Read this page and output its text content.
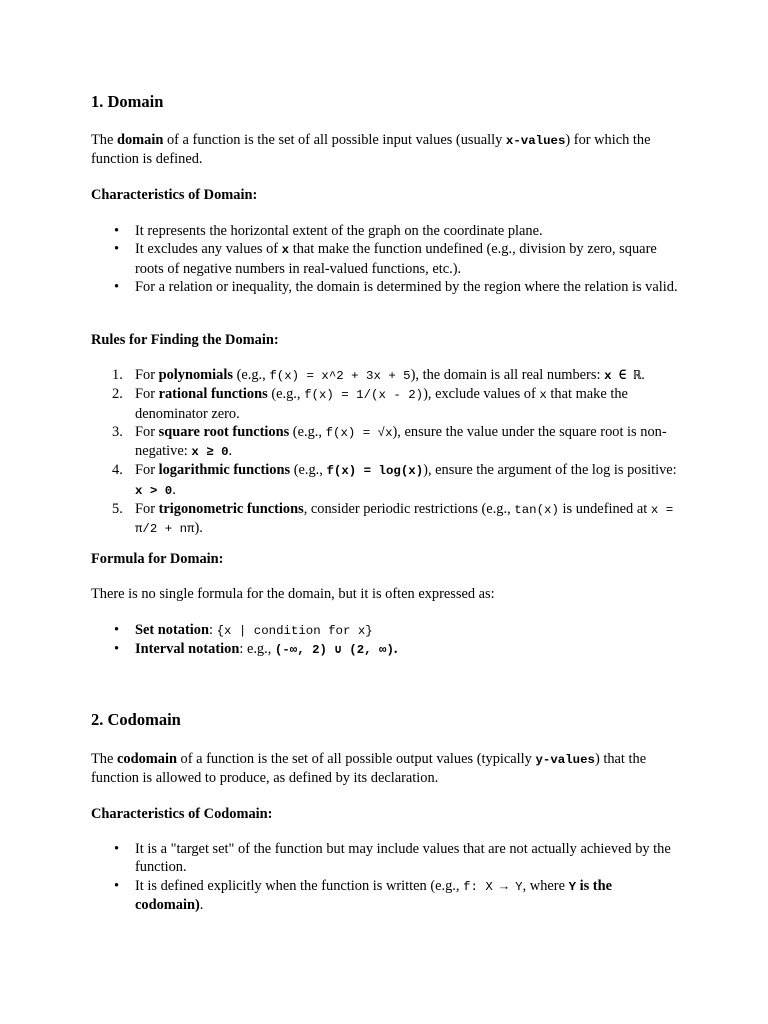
1. Domain

The domain of a function is the set of all possible input values (usually x-values) for which the function is defined.

Characteristics of Domain:

• It represents the horizontal extent of the graph on the coordinate plane.
• It excludes any values of x that make the function undefined (e.g., division by zero, square roots of negative numbers in real-valued functions, etc.).
• For a relation or inequality, the domain is determined by the region where the relation is valid.

Rules for Finding the Domain:

1. For polynomials (e.g., f(x) = x^2 + 3x + 5), the domain is all real numbers: x ∈ ℝ.
2. For rational functions (e.g., f(x) = 1/(x - 2)), exclude values of x that make the denominator zero.
3. For square root functions (e.g., f(x) = √x), ensure the value under the square root is non-negative: x ≥ 0.
4. For logarithmic functions (e.g., f(x) = log(x)), ensure the argument of the log is positive: x > 0.
5. For trigonometric functions, consider periodic restrictions (e.g., tan(x) is undefined at x = π/2 + nπ).

Formula for Domain:

There is no single formula for the domain, but it is often expressed as:

• Set notation: {x | condition for x}
• Interval notation: e.g., (-∞, 2) ∪ (2, ∞).
2. Codomain

The codomain of a function is the set of all possible output values (typically y-values) that the function is allowed to produce, as defined by its declaration.

Characteristics of Codomain:

• It is a "target set" of the function but may include values that are not actually achieved by the function.
• It is defined explicitly when the function is written (e.g., f: X → Y, where Y is the codomain).
